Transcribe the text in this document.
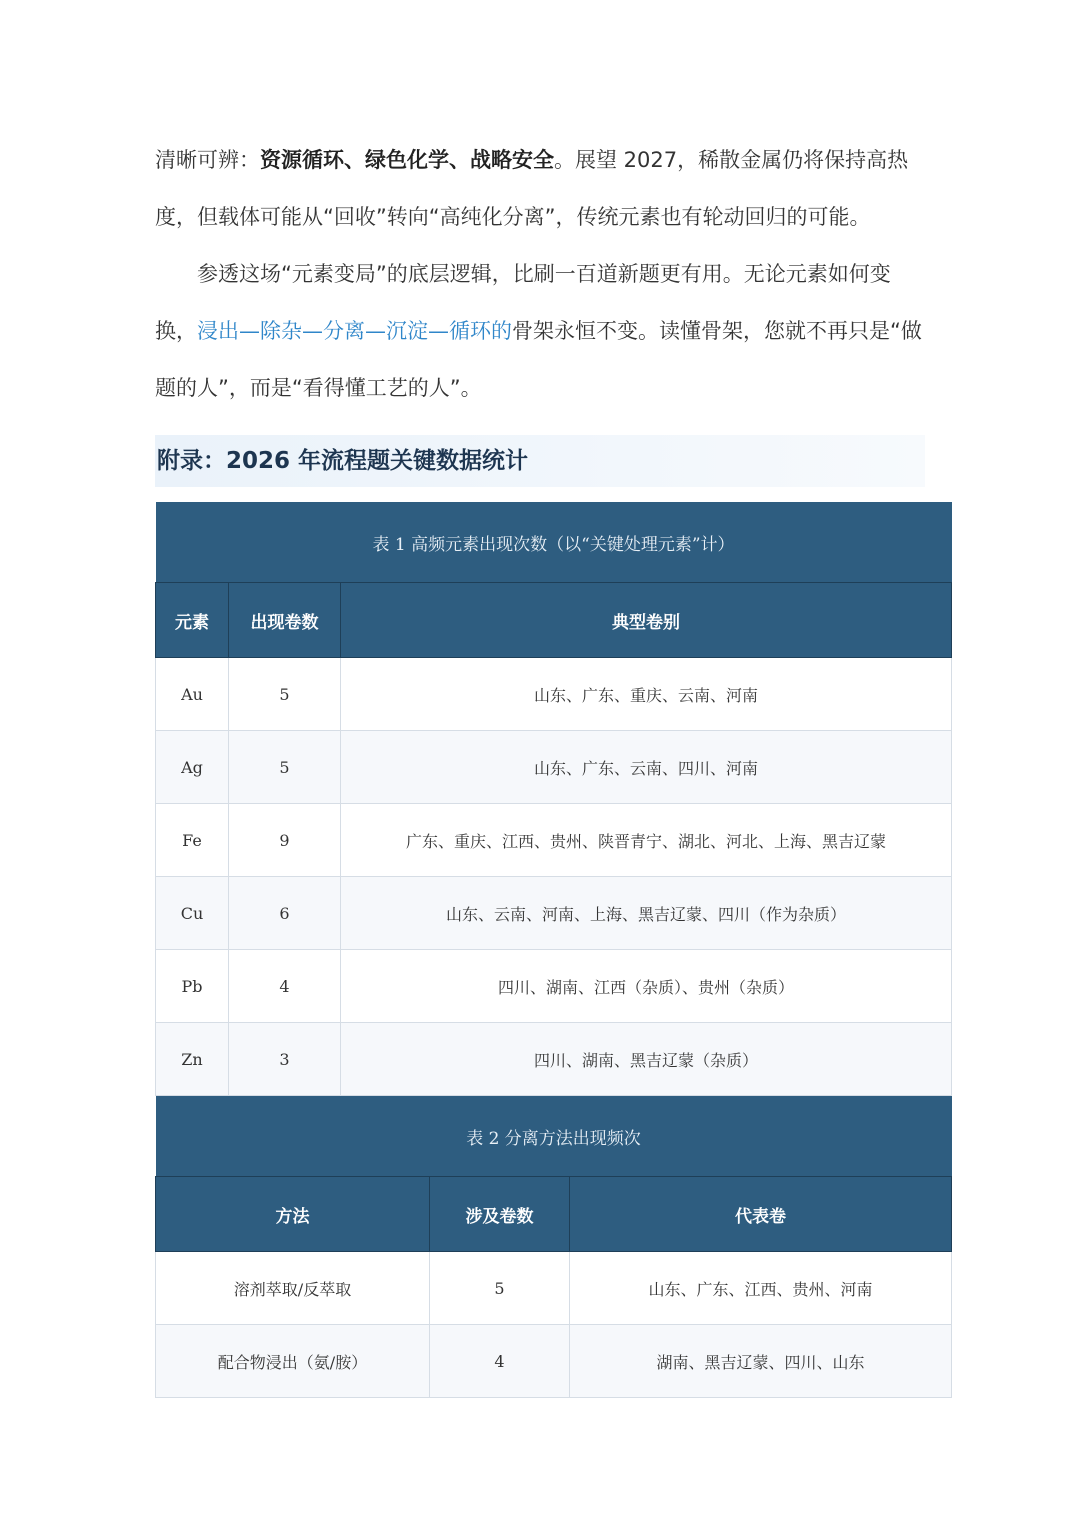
清晰可辨：资源循环、绿色化学、战略安全。展望 2027，稀散金属仍将保持高热度，但载体可能从“回收”转向“高纯化分离”，传统元素也有轮动回归的可能。

参透这场“元素变局”的底层逻辑，比刷一百道新题更有用。无论元素如何变换，浸出—除杂—分离—沉淀—循环的骨架永恒不变。读懂骨架，您就不再只是“做题的人”，而是“看得懂工艺的人”。

附录：2026 年流程题关键数据统计
表 1 高频元素出现次数（以“关键处理元素”计）		
元素	出现卷数	典型卷别
Au	5	山东、广东、重庆、云南、河南
Ag	5	山东、广东、云南、四川、河南
Fe	9	广东、重庆、江西、贵州、陕晋青宁、湖北、河北、上海、黑吉辽蒙
Cu	6	山东、云南、河南、上海、黑吉辽蒙、四川（作为杂质）
Pb	4	四川、湖南、江西（杂质）、贵州（杂质）
Zn	3	四川、湖南、黑吉辽蒙（杂质）
表 2 分离方法出现频次		
方法	涉及卷数	代表卷
溶剂萃取/反萃取	5	山东、广东、江西、贵州、河南
配合物浸出（氨/胺）	4	湖南、黑吉辽蒙、四川、山东
